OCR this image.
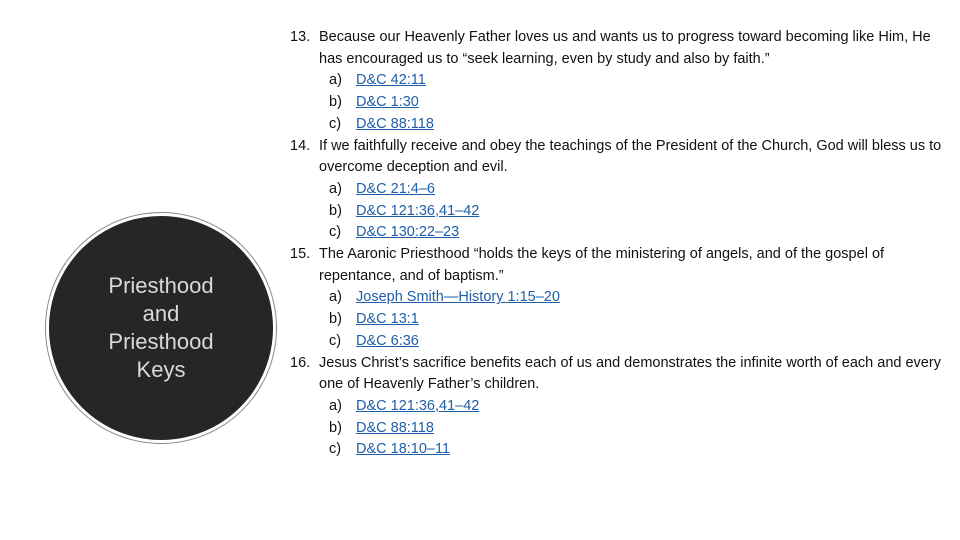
Priesthood
and
Priesthood
Keys
13. Because our Heavenly Father loves us and wants us to progress toward becoming like Him, He has encouraged us to “seek learning, even by study and also by faith.”
a) D&C 42:11
b) D&C 1:30
c) D&C 88:118
14. If we faithfully receive and obey the teachings of the President of the Church, God will bless us to overcome deception and evil.
a) D&C 21:4–6
b) D&C 121:36,41–42
c) D&C 130:22–23
15. The Aaronic Priesthood “holds the keys of the ministering of angels, and of the gospel of repentance, and of baptism.”
a) Joseph Smith—History 1:15–20
b) D&C 13:1
c) D&C 6:36
16. Jesus Christ’s sacrifice benefits each of us and demonstrates the infinite worth of each and every one of Heavenly Father’s children.
a) D&C 121:36,41–42
b) D&C 88:118
c) D&C 18:10–11
